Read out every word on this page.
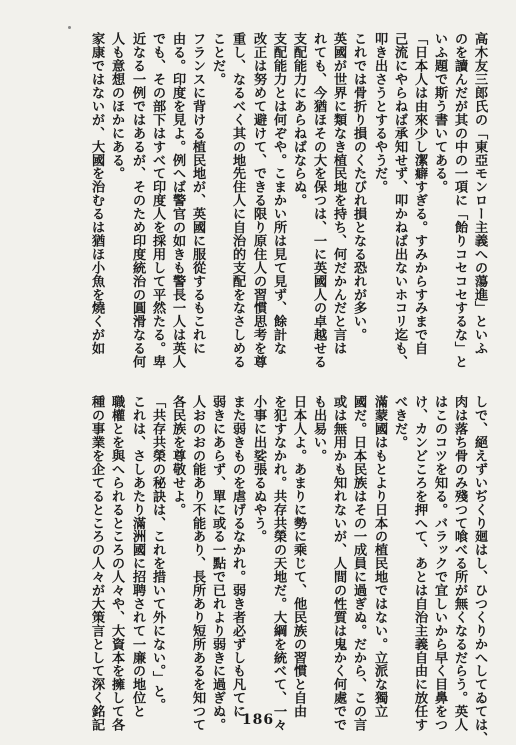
高木友三郎氏の「東亞モンロー主義への蕩進」といふ
のを讀んだが其の中の一項に「飴りコセコセするな」と
いふ題で斯う書いてある。
「日本人は由來少し潔癖すぎる。すみからすみまで自
己流にやらねば承知せず、叩かねば出ないホコリ迄も、
叩き出さうとするやうだ。
これでは骨折り損のくたびれ損となる恐れが多い。
英國が世界に類なき植民地を持ち、何だかんだと言は
れても、今猶ほその大を保つは、一に英國人の卓越せる
支配能力にあらねばならぬ。
支配能力とは何ぞや。こまかい所は見て見ず、餘計な
改正は努めて避けて、できる限り原住人の習慣思考を尊
重し、なるべく其の地先住人に自治的支配をなさしめる
ことだ。
フランスに背ける植民地が、英國に服從するもこれに
由る。印度を見よ。例へば警官の如きも警長一人は英人
でも、その部下はすべて印度人を採用して平然たる。卑
近なる一例ではあるが、そのため印度統治の圓滑なる何
人も意想のほかにある。
家康ではないが、大國を治むるは猶ほ小魚を燒くが如
しで、絕えずいぢくり廻はし、ひつくりかへしてゐては、
肉は落ち骨のみ殘つて喰べる所が無くなるだらう。英人
はこのコツを知る。バラックで宜しいから早く目鼻をつ
け、カンどころを押へて、あとは自治主義自由に放任す
べきだ。
滿蒙國はもとより日本の植民地ではない。立派な獨立
國だ。日本民族はその一成員に過ぎぬ。だから、この言
或は無用かも知れないが、人間の性質は鬼かく何處でで
も出易い。
日本人よ。あまりに勢に乘じて、他民族の習慣と自由
を犯すなかれ。共存共榮の天地だ。大綱を統べて、一々
小事に出娑張るぬやう。
また弱きものを虐げるなかれ。弱き者必ずしも凡てに
弱きにあらず、單に或る一點で已れより弱きに過ぎぬ。
人おのおの能あり不能あり、長所あり短所あるを知つて
各民族を尊敬せよ。
「共存共榮の秘訣は、これを措いて外にない。」と。
これは、さしあたり滿洲國に招聘されて一廉の地位と
職權とを與へられるところの人々や、大資本を擁して各
種の事業を企てるところの人々が大策言として深く銘記	186
